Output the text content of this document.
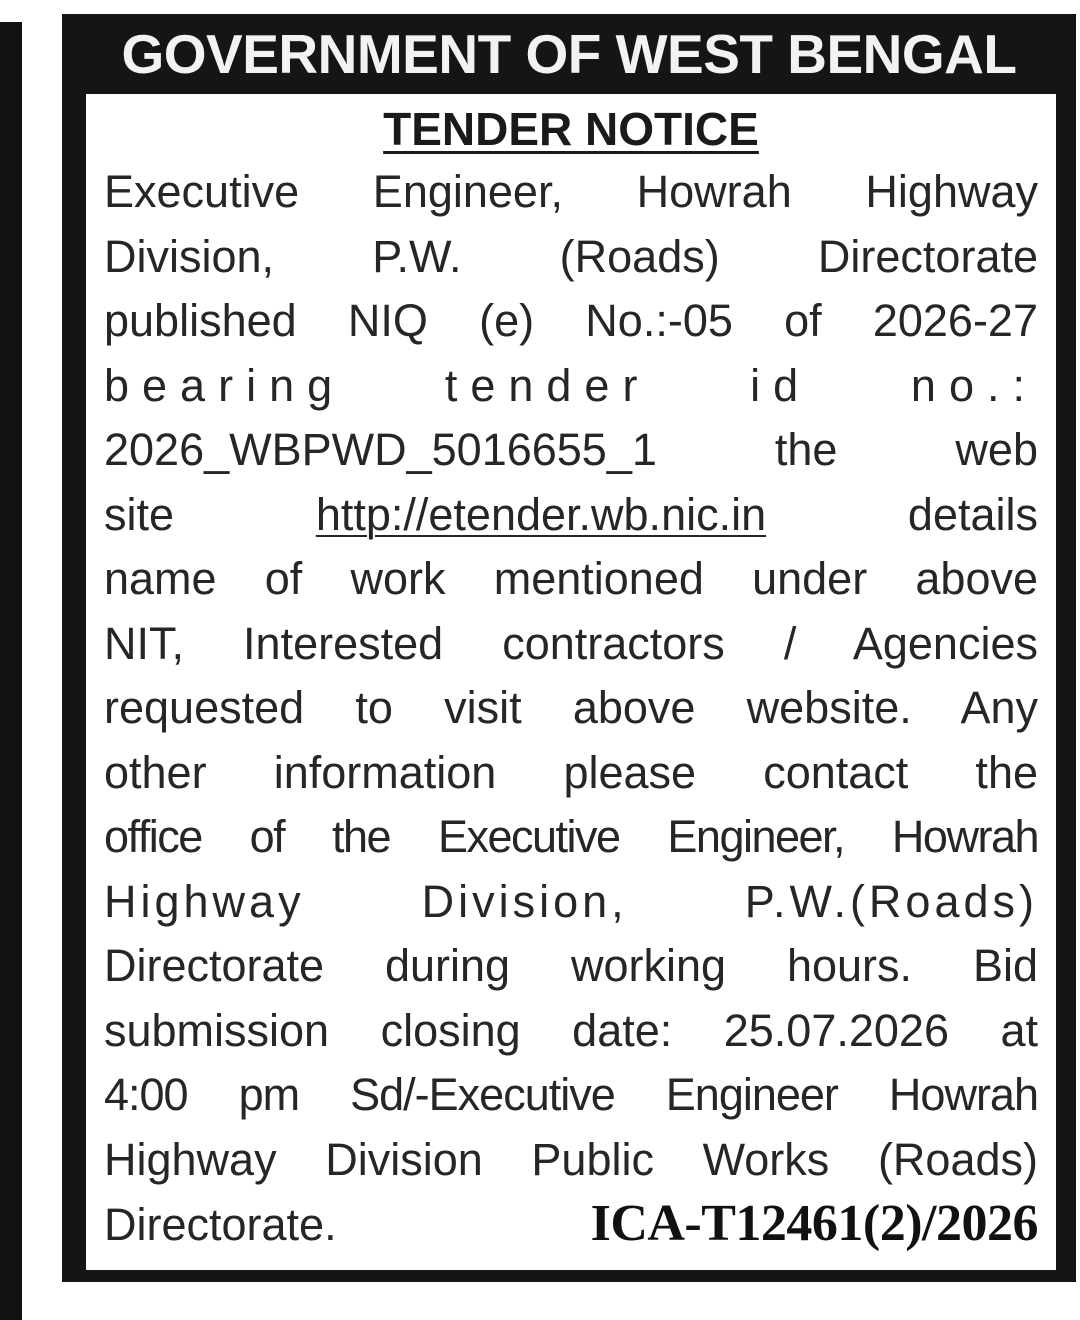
GOVERNMENT OF WEST BENGAL
TENDER NOTICE
Executive Engineer, Howrah Highway
Division, P.W. (Roads) Directorate
published NIQ (e) No.:-05 of 2026-27
bearing tender id no.:
2026_WBPWD_5016655_1 the web
site	http://etender.wb.nic.in	details
name of work mentioned under above
NIT, Interested contractors / Agencies
requested to visit above website. Any
other information please contact the
office of the Executive Engineer, Howrah
Highway Division, P.W.(Roads)
Directorate during working hours. Bid
submission closing date: 25.07.2026 at
4:00 pm Sd/-Executive Engineer Howrah
Highway Division Public Works (Roads)
Directorate.	ICA-T12461(2)/2026
